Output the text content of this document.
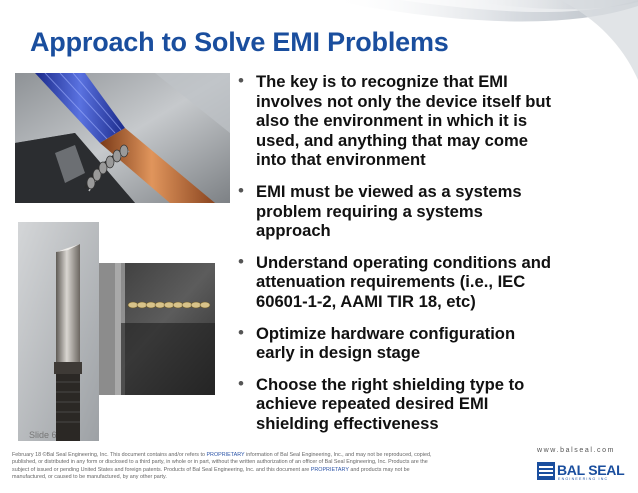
Approach to Solve EMI Problems
• The key is to recognize that EMI involves not only the device itself but also the environment in which it is used, and anything that may come into that environment
• EMI must be viewed as a systems problem requiring a systems approach
• Understand operating conditions and attenuation requirements (i.e., IEC 60601-1-2, AAMI TIR 18, etc)
• Optimize hardware configuration early in design stage
• Choose the right shielding type to achieve repeated desired EMI shielding effectiveness
Slide 6
February 18 ©Bal Seal Engineering, Inc. This document contains and/or refers to PROPRIETARY information of Bal Seal Engineering, Inc., and may not be reproduced, copied, published, or distributed in any form or disclosed to a third party, in whole or in part, without the written authorization of an officer of Bal Seal Engineering, Inc. Products are the subject of issued or pending United States and foreign patents. Products of Bal Seal Engineering, Inc. and this document are PROPRIETARY and products may not be manufactured, or caused to be manufactured, by any other party.
www.balseal.com
BAL SEAL
ENGINEERING INC
